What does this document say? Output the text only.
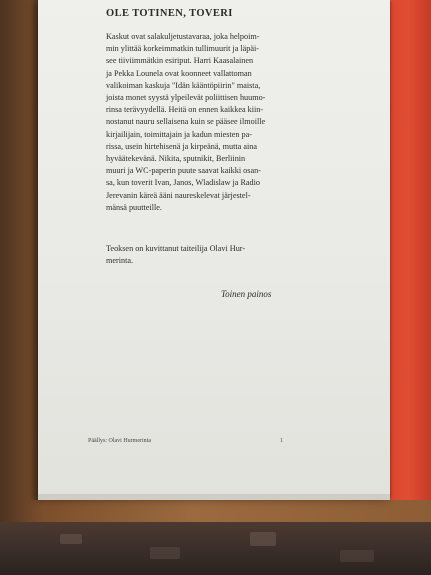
OLE TOTINEN, TOVERI
Kaskut ovat salakuljetustavaraa, joka helpoim-
min ylittää korkeimmatkin tullimuurit ja läpäi-
see tiiviimmätkin esiriput. Harri Kaasalainen
ja Pekka Lounela ovat koonneet vallattoman
valikoiman kaskuja "Idän kääntöpiirin" maista,
joista monet syystä ylpeilevät poliittisen huumo-
rinsa terävyydellä. Heitä on ennen kaikkea kiin-
nostanut nauru sellaisena kuin se pääsee ilmoille
kirjailijain, toimittajain ja kadun miesten pa-
rissa, usein hirtehisenä ja kirpeänä, mutta aina
hyväätekevänä. Nikita, sputnikit, Berliinin
muuri ja WC-paperin puute saavat kaikki osan-
sa, kun toverit Ivan, Janos, Wladislaw ja Radio
Jerevanin käreä ääni naureskelevat järjestel-
mänsä puutteille.
Teoksen on kuvittanut taiteilija Olavi Hur-
merinta.

Toinen painos

Päällys: Olavi Hurmerinta	1
